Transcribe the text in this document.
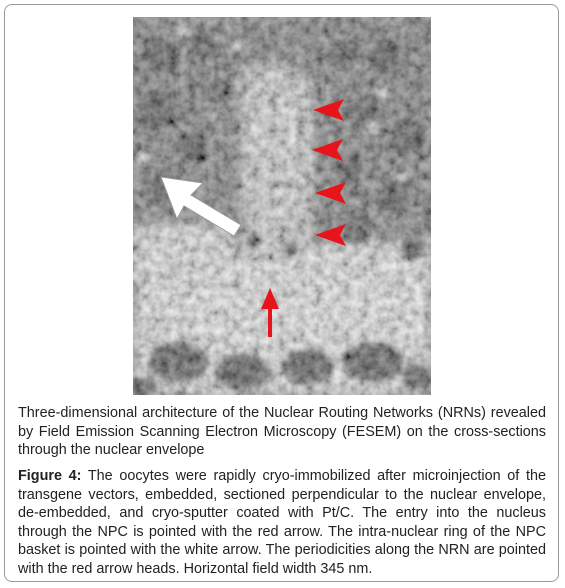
Three-dimensional architecture of the Nuclear Routing Networks (NRNs) revealed by Field Emission Scanning Electron Microscopy (FESEM) on the cross-sections through the nuclear envelope

Figure 4: The oocytes were rapidly cryo-immobilized after microinjection of the transgene vectors, embedded, sectioned perpendicular to the nuclear envelope, de-embedded, and cryo-sputter coated with Pt/C. The entry into the nucleus through the NPC is pointed with the red arrow. The intra-nuclear ring of the NPC basket is pointed with the white arrow. The periodicities along the NRN are pointed with the red arrow heads. Horizontal field width 345 nm.
